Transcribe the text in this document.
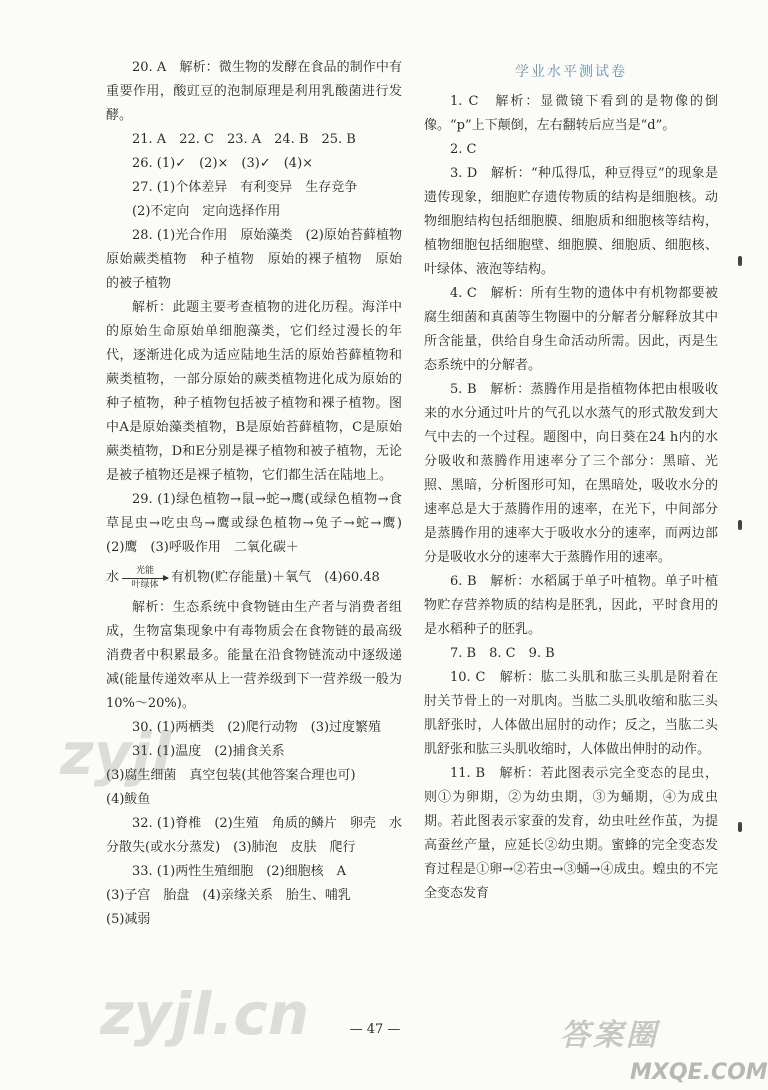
20. A　解析：微生物的发酵在食品的制作中有重要作用，酸豇豆的泡制原理是利用乳酸菌进行发酵。

21. A　22. C　23. A　24. B　25. B

26. (1)✓　(2)×　(3)✓　(4)×

27. (1)个体差异　有利变异　生存竞争

(2)不定向　定向选择作用

28. (1)光合作用　原始藻类　(2)原始苔藓植物　原始蕨类植物　种子植物　原始的裸子植物　原始的被子植物

解析：此题主要考查植物的进化历程。海洋中的原始生命原始单细胞藻类，它们经过漫长的年代，逐渐进化成为适应陆地生活的原始苔藓植物和蕨类植物，一部分原始的蕨类植物进化成为原始的种子植物，种子植物包括被子植物和裸子植物。图中A是原始藻类植物，B是原始苔藓植物，C是原始蕨类植物，D和E分别是裸子植物和被子植物，无论是被子植物还是裸子植物，它们都生活在陆地上。

29. (1)绿色植物→鼠→蛇→鹰(或绿色植物→食草昆虫→吃虫鸟→鹰或绿色植物→兔子→蛇→鹰)　(2)鹰　(3)呼吸作用　二氧化碳＋

水 光能
叶绿体 有机物(贮存能量)＋氧气　(4)60.48

解析：生态系统中食物链由生产者与消费者组成，生物富集现象中有毒物质会在食物链的最高级消费者中积累最多。能量在沿食物链流动中逐级递减(能量传递效率从上一营养级到下一营养级一般为10%～20%)。

30. (1)两栖类　(2)爬行动物　(3)过度繁殖

31. (1)温度　(2)捕食关系

(3)腐生细菌　真空包装(其他答案合理也可)

(4)鲅鱼

32. (1)脊椎　(2)生殖　角质的鳞片　卵壳　水分散失(或水分蒸发)　(3)肺泡　皮肤　爬行

33. (1)两性生殖细胞　(2)细胞核　A

(3)子宫　胎盘　(4)亲缘关系　胎生、哺乳

(5)减弱

学业水平测试卷

1. C　解析：显微镜下看到的是物像的倒像。“p”上下颠倒，左右翻转后应当是“d”。

2. C

3. D　解析：“种瓜得瓜，种豆得豆”的现象是遗传现象，细胞贮存遗传物质的结构是细胞核。动物细胞结构包括细胞膜、细胞质和细胞核等结构，植物细胞包括细胞壁、细胞膜、细胞质、细胞核、叶绿体、液泡等结构。

4. C　解析：所有生物的遗体中有机物都要被腐生细菌和真菌等生物圈中的分解者分解释放其中所含能量，供给自身生命活动所需。因此，丙是生态系统中的分解者。

5. B　解析：蒸腾作用是指植物体把由根吸收来的水分通过叶片的气孔以水蒸气的形式散发到大气中去的一个过程。题图中，向日葵在24 h内的水分吸收和蒸腾作用速率分了三个部分：黑暗、光照、黑暗，分析图形可知，在黑暗处，吸收水分的速率总是大于蒸腾作用的速率，在光下，中间部分是蒸腾作用的速率大于吸收水分的速率，而两边部分是吸收水分的速率大于蒸腾作用的速率。

6. B　解析：水稻属于单子叶植物。单子叶植物贮存营养物质的结构是胚乳，因此，平时食用的是水稻种子的胚乳。

7. B　8. C　9. B

10. C　解析：肱二头肌和肱三头肌是附着在肘关节骨上的一对肌肉。当肱二头肌收缩和肱三头肌舒张时，人体做出屈肘的动作；反之，当肱二头肌舒张和肱三头肌收缩时，人体做出伸肘的动作。

11. B　解析：若此图表示完全变态的昆虫，则①为卵期，②为幼虫期，③为蛹期，④为成虫期。若此图表示家蚕的发育，幼虫吐丝作茧，为提高蚕丝产量，应延长②幼虫期。蜜蜂的完全变态发育过程是①卵→②若虫→③蛹→④成虫。蝗虫的不完全变态发育

— 47 —
zyjl
zyjl.cn	答案圈
MXQE.COM
